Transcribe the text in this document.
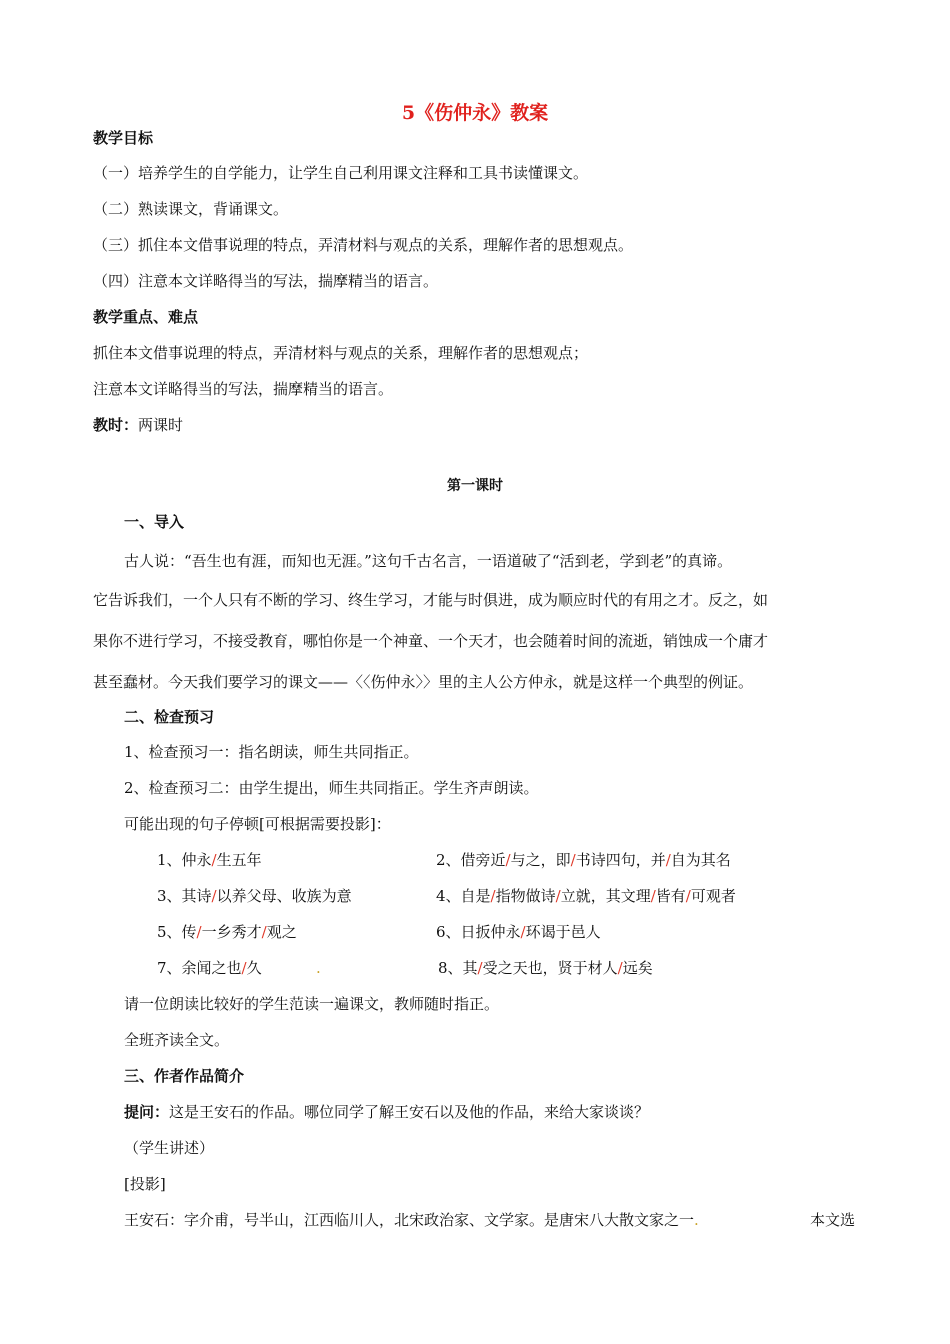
5《伤仲永》教案
教学目标
（一）培养学生的自学能力，让学生自己利用课文注释和工具书读懂课文。
（二）熟读课文，背诵课文。
（三）抓住本文借事说理的特点，弄清材料与观点的关系，理解作者的思想观点。
（四）注意本文详略得当的写法，揣摩精当的语言。
教学重点、难点
抓住本文借事说理的特点，弄清材料与观点的关系，理解作者的思想观点；
注意本文详略得当的写法，揣摩精当的语言。
教时：两课时
第一课时
一、导入
古人说：“吾生也有涯，而知也无涯。”这句千古名言，一语道破了“活到老，学到老”的真谛。
它告诉我们，一个人只有不断的学习、终生学习，才能与时俱进，成为顺应时代的有用之才。反之，如
果你不进行学习，不接受教育，哪怕你是一个神童、一个天才，也会随着时间的流逝，销蚀成一个庸才
甚至蠢材。今天我们要学习的课文——〈〈伤仲永〉〉里的主人公方仲永，就是这样一个典型的例证。
二、检查预习
1、检查预习一：指名朗读，师生共同指正。
2、检查预习二：由学生提出，师生共同指正。学生齐声朗读。
可能出现的句子停顿[可根据需要投影]：
1、仲永/生五年	2、借旁近/与之，即/书诗四句，并/自为其名
3、其诗/以养父母、收族为意	4、自是/指物做诗/立就，其文理/皆有/可观者
5、传/一乡秀才/观之	6、日扳仲永/环谒于邑人
7、余闻之也/久	.	8、其/受之天也，贤于材人/远矣
请一位朗读比较好的学生范读一遍课文，教师随时指正。
全班齐读全文。
三、作者作品简介
提问：这是王安石的作品。哪位同学了解王安石以及他的作品，来给大家谈谈？
（学生讲述）
[投影]
王安石：字介甫，号半山，江西临川人，北宋政治家、文学家。是唐宋八大散文家之一.	本文选
